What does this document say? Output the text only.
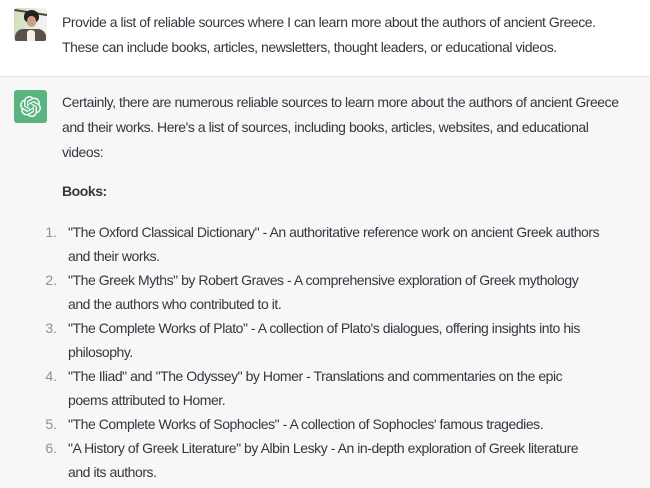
Provide a list of reliable sources where I can learn more about the authors of ancient Greece. These can include books, articles, newsletters, thought leaders, or educational videos.

Certainly, there are numerous reliable sources to learn more about the authors of ancient Greece and their works. Here's a list of sources, including books, articles, websites, and educational videos:

Books:

"The Oxford Classical Dictionary" - An authoritative reference work on ancient Greek authors and their works.
"The Greek Myths" by Robert Graves - A comprehensive exploration of Greek mythology and the authors who contributed to it.
"The Complete Works of Plato" - A collection of Plato's dialogues, offering insights into his philosophy.
"The Iliad" and "The Odyssey" by Homer - Translations and commentaries on the epic poems attributed to Homer.
"The Complete Works of Sophocles" - A collection of Sophocles' famous tragedies.
"A History of Greek Literature" by Albin Lesky - An in-depth exploration of Greek literature and its authors.
